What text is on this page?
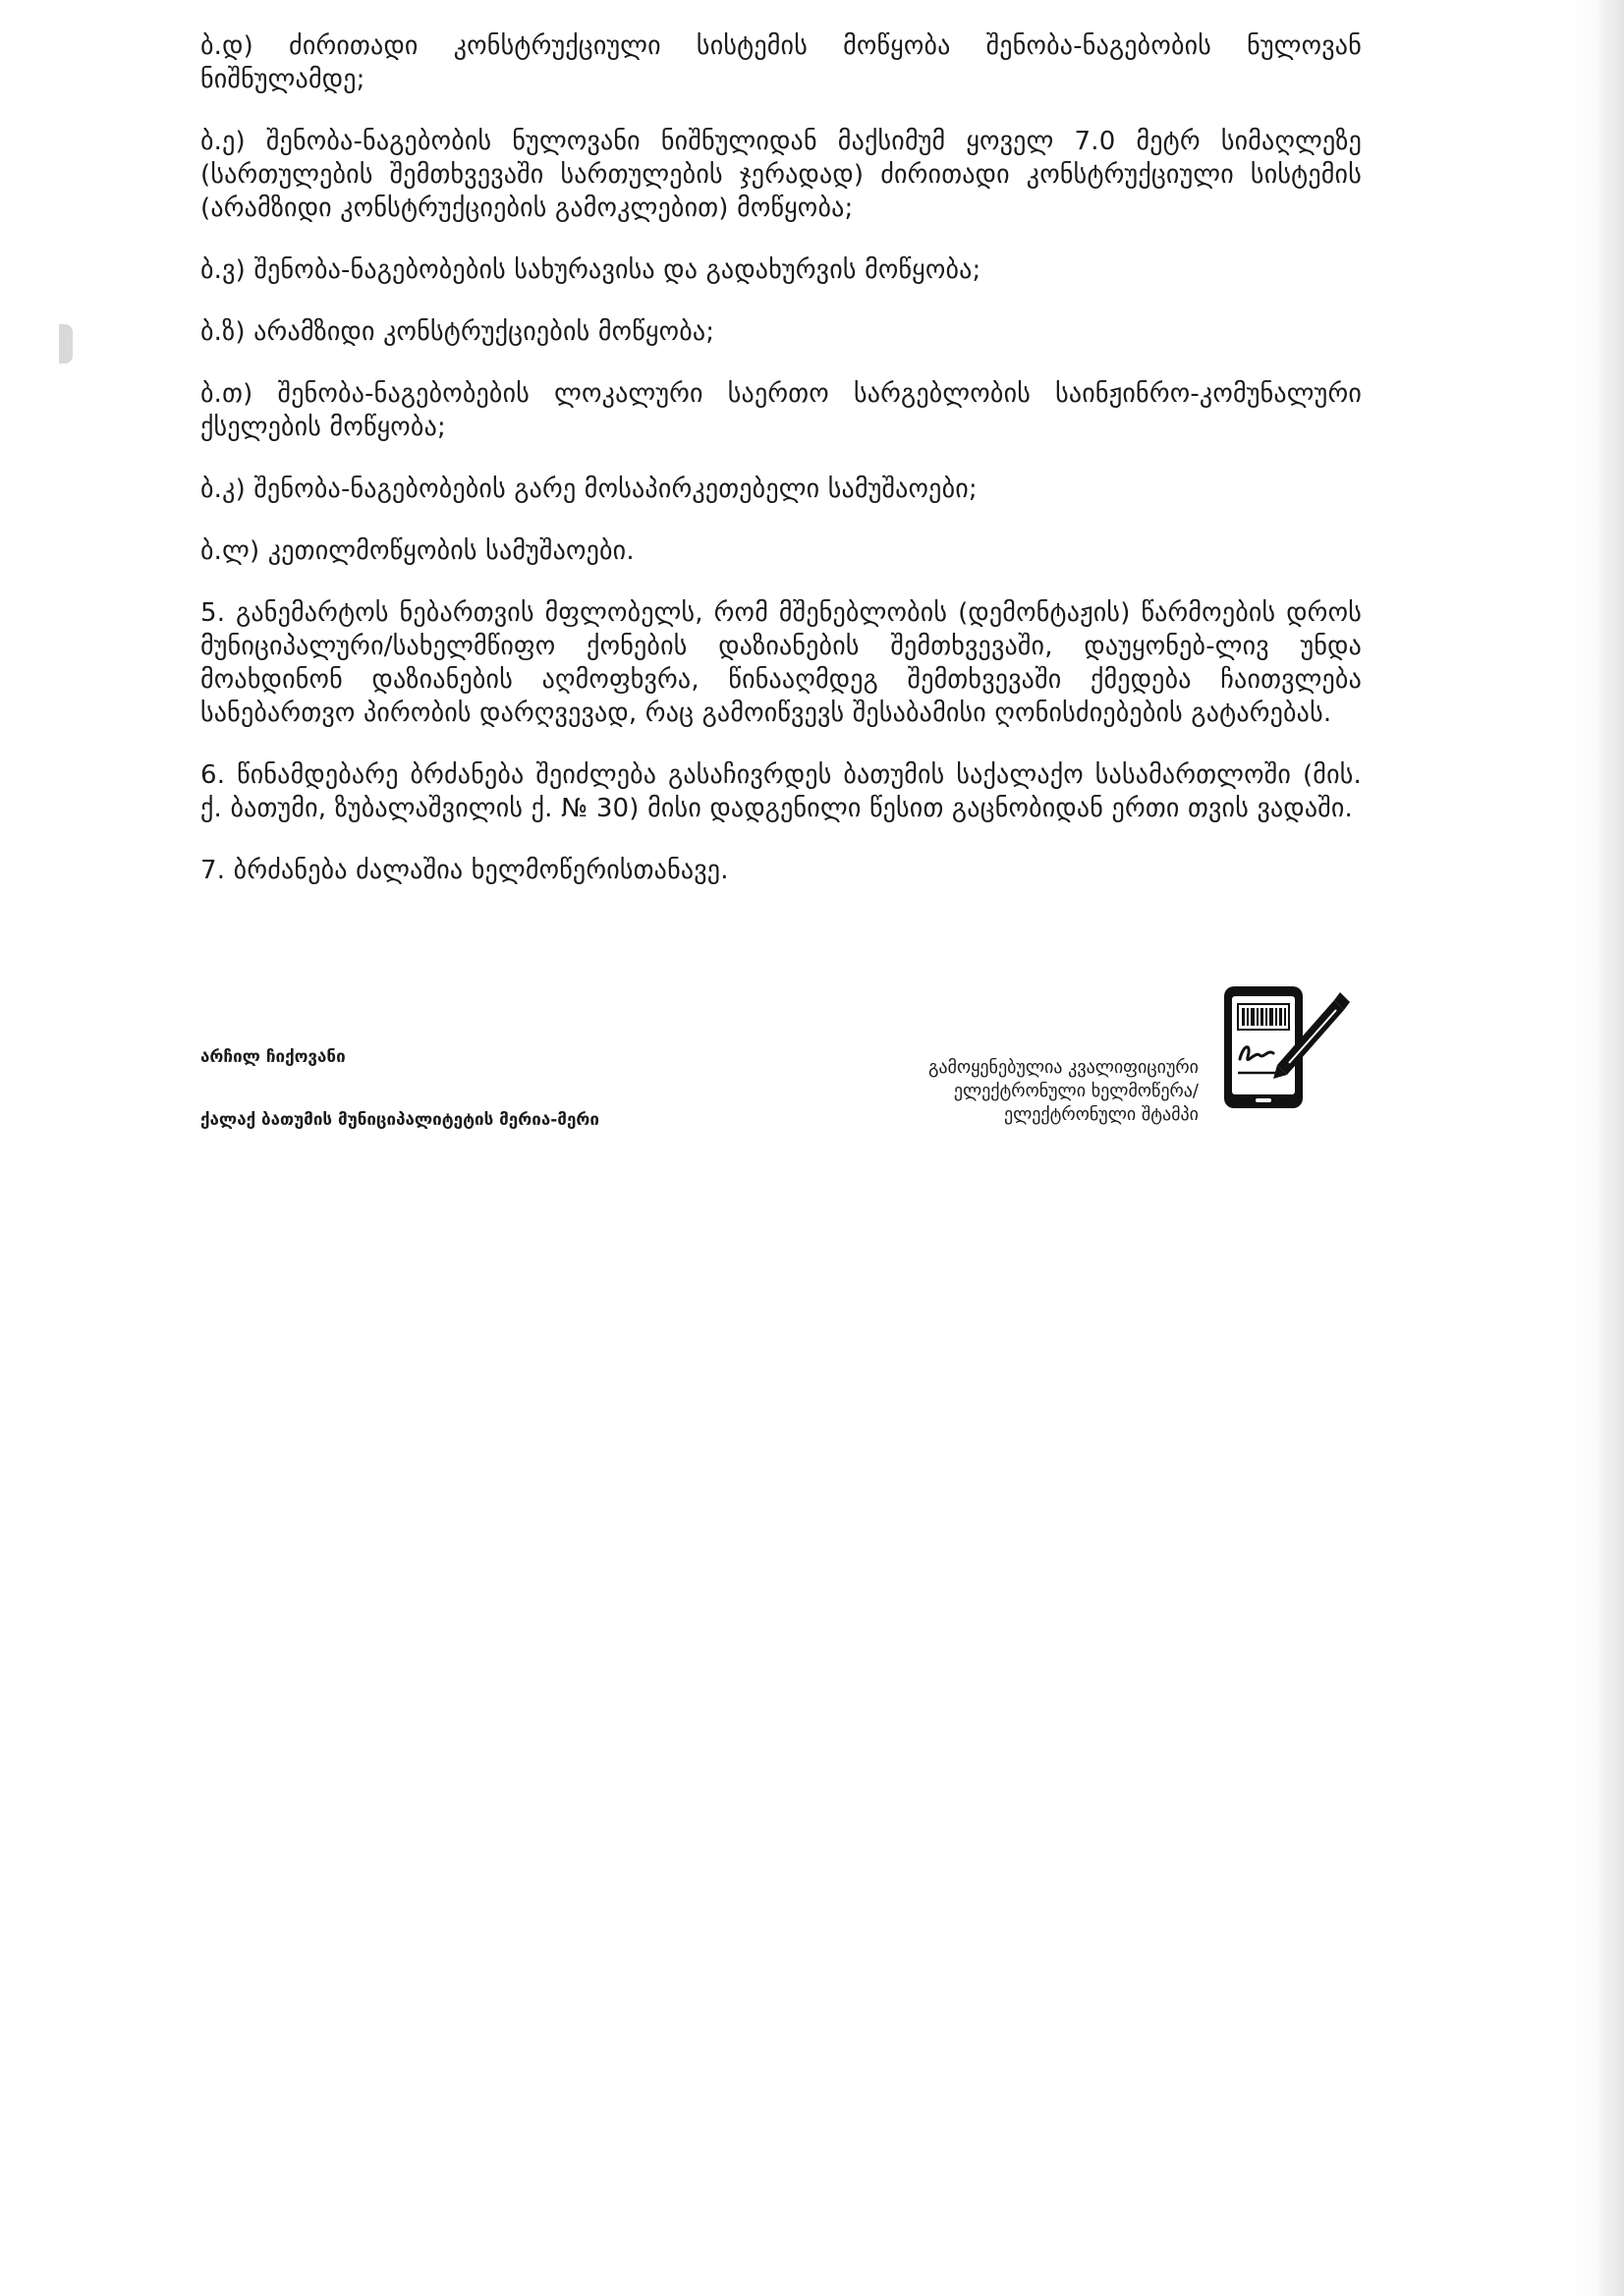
ბ.დ) ძირითადი კონსტრუქციული სისტემის მოწყობა შენობა-ნაგებობის ნულოვან ნიშნულამდე;

ბ.ე) შენობა-ნაგებობის ნულოვანი ნიშნულიდან მაქსიმუმ ყოველ 7.0 მეტრ სიმაღლეზე (სართულების შემთხვევაში სართულების ჯერადად) ძირითადი კონსტრუქციული სისტემის (არამზიდი კონსტრუქციების გამოკლებით) მოწყობა;

ბ.ვ) შენობა-ნაგებობების სახურავისა და გადახურვის მოწყობა;

ბ.ზ) არამზიდი კონსტრუქციების მოწყობა;

ბ.თ) შენობა-ნაგებობების ლოკალური საერთო სარგებლობის საინჟინრო-კომუნალური ქსელების მოწყობა;

ბ.კ) შენობა-ნაგებობების გარე მოსაპირკეთებელი სამუშაოები;

ბ.ლ) კეთილმოწყობის სამუშაოები.

5. განემარტოს ნებართვის მფლობელს, რომ მშენებლობის (დემონტაჟის) წარმოების დროს მუნიციპალური/სახელმწიფო ქონების დაზიანების შემთხვევაში, დაუყონებ-ლივ უნდა მოახდინონ დაზიანების აღმოფხვრა, წინააღმდეგ შემთხვევაში ქმედება ჩაითვლება სანებართვო პირობის დარღვევად, რაც გამოიწვევს შესაბამისი ღონისძიებების გატარებას.

6. წინამდებარე ბრძანება შეიძლება გასაჩივრდეს ბათუმის საქალაქო სასამართლოში (მის. ქ. ბათუმი, ზუბალაშვილის ქ. № 30) მისი დადგენილი წესით გაცნობიდან ერთი თვის ვადაში.

7. ბრძანება ძალაშია ხელმოწერისთანავე.

არჩილ ჩიქოვანი
ქალაქ ბათუმის მუნიციპალიტეტის მერია-მერი
გამოყენებულია კვალიფიციური
ელექტრონული ხელმოწერა/
ელექტრონული შტამპი
